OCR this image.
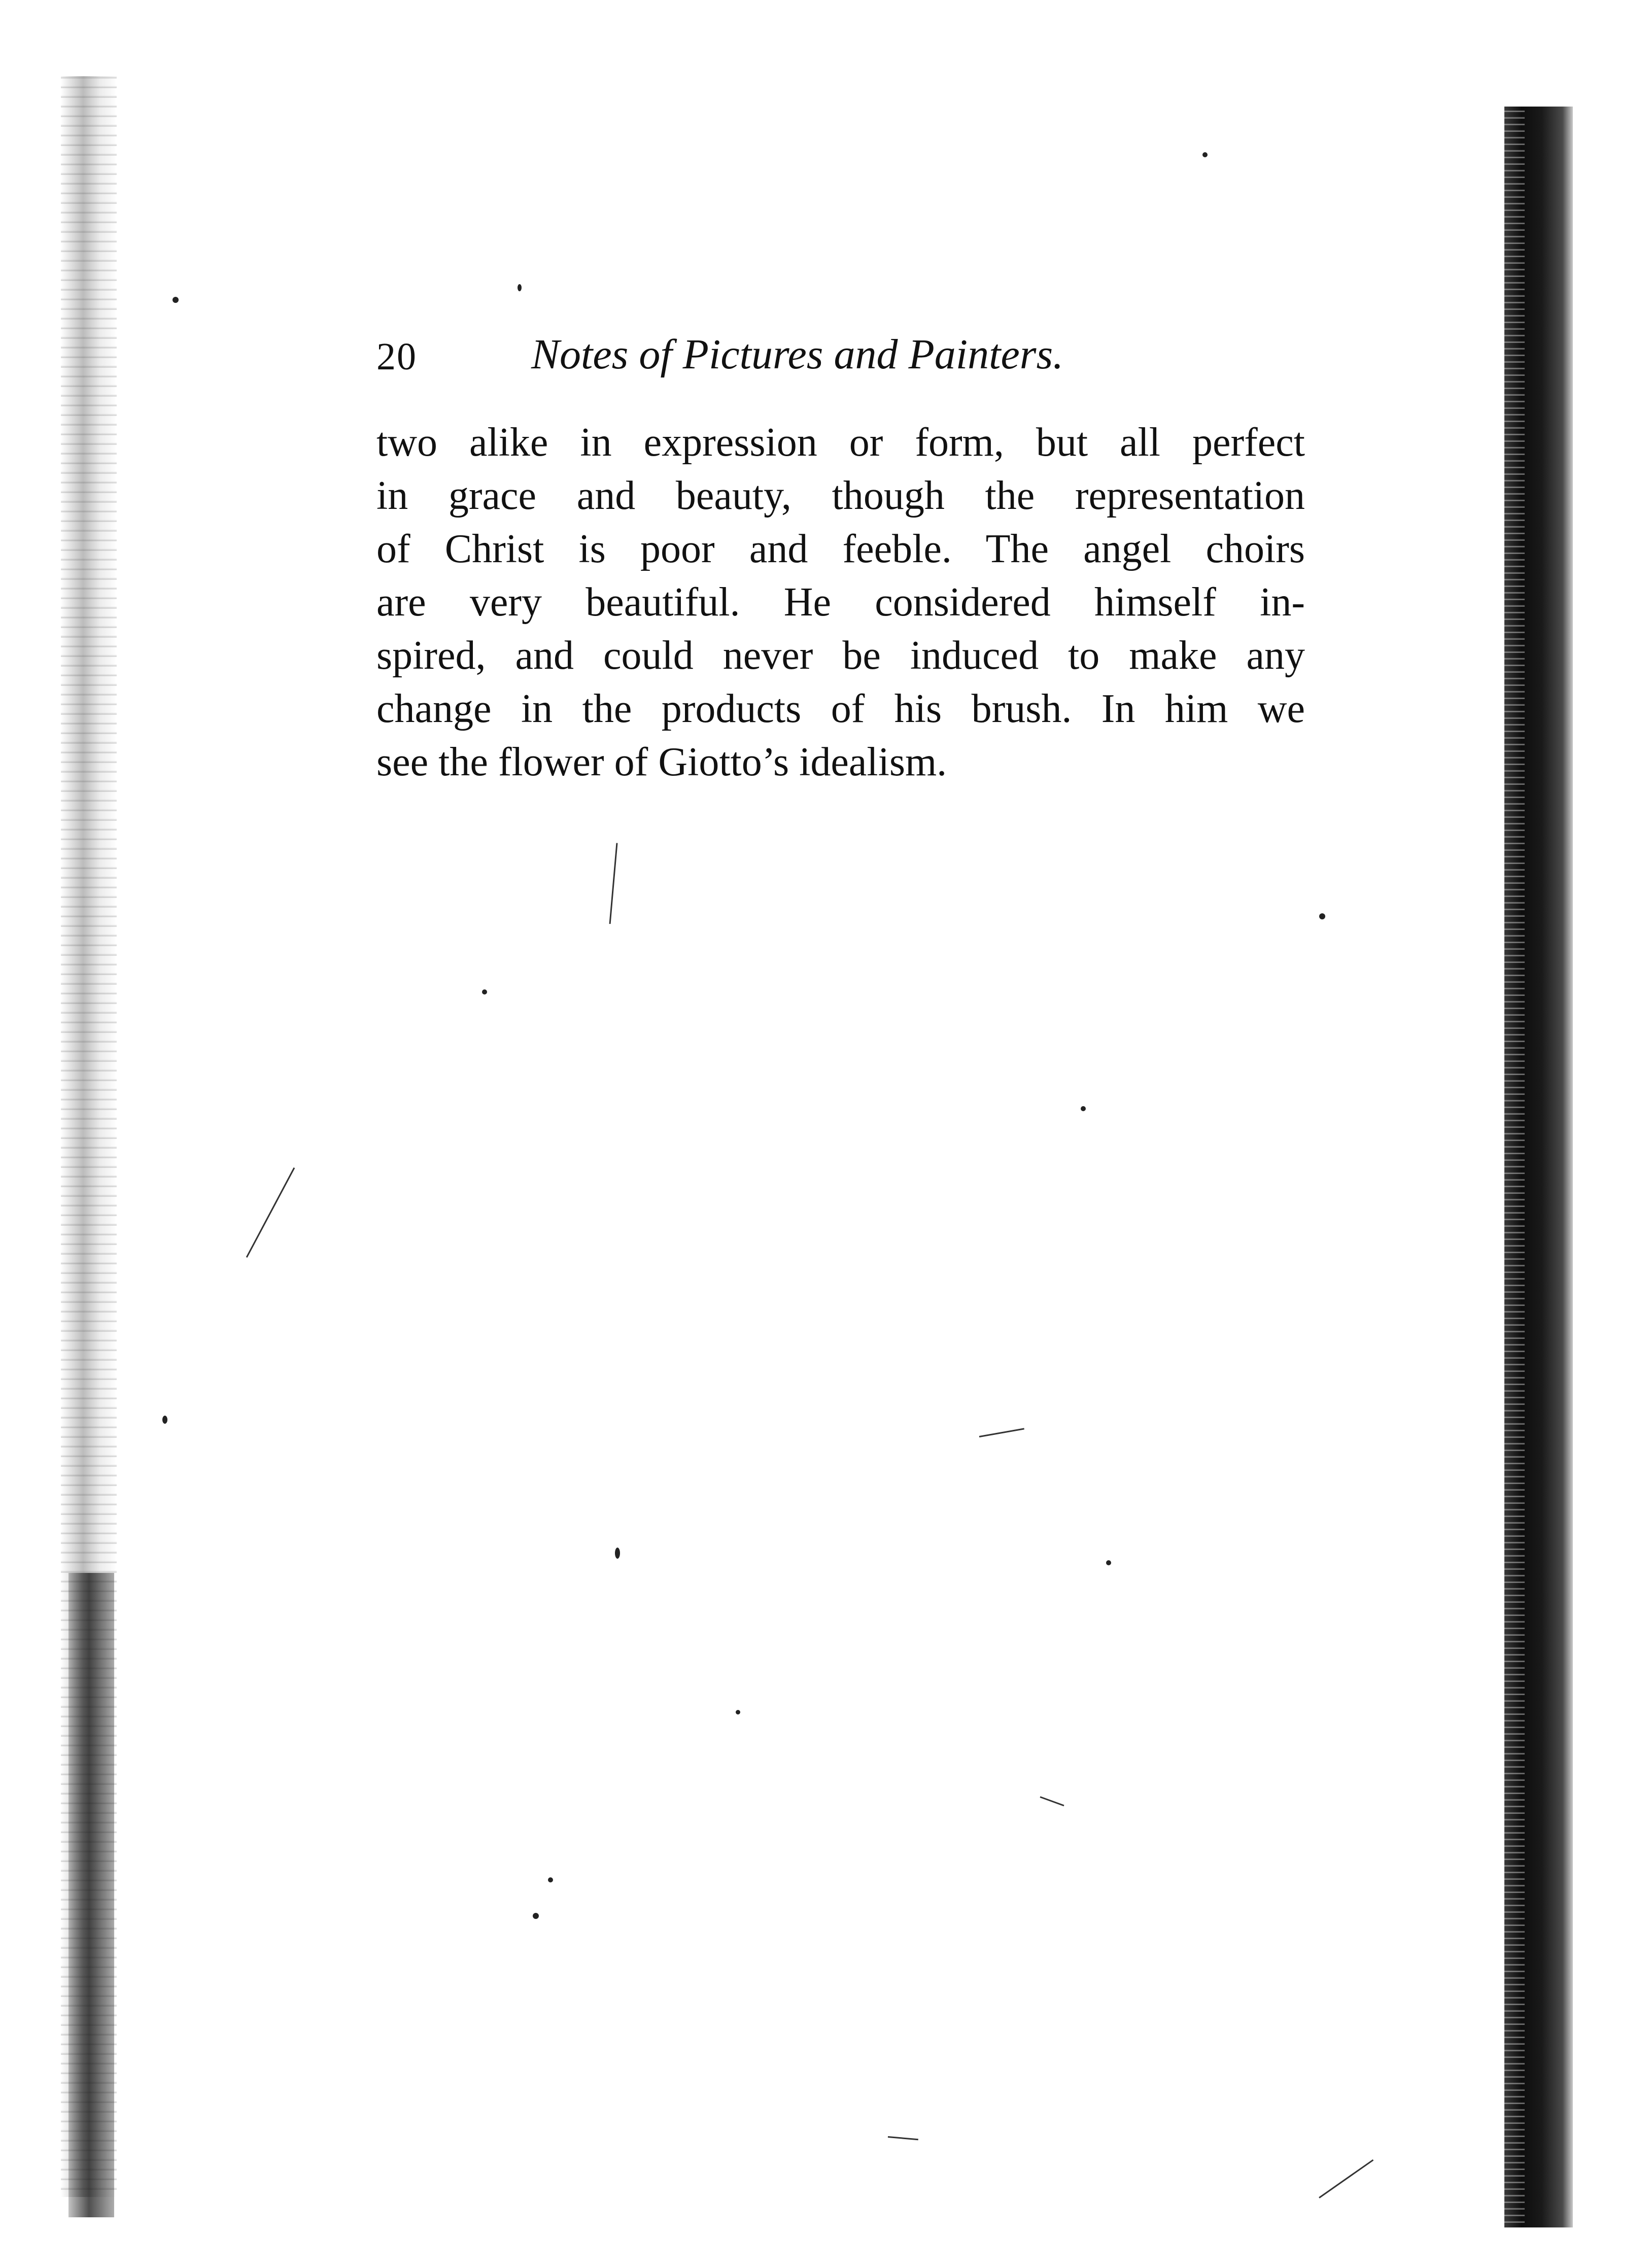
20	Notes of Pictures and Painters.

two alike in expression or form, but all perfect
in grace and beauty, though the representation
of Christ is poor and feeble. The angel choirs
are very beautiful. He considered himself in-
spired, and could never be induced to make any
change in the products of his brush. In him we
see the flower of Giotto’s idealism.
